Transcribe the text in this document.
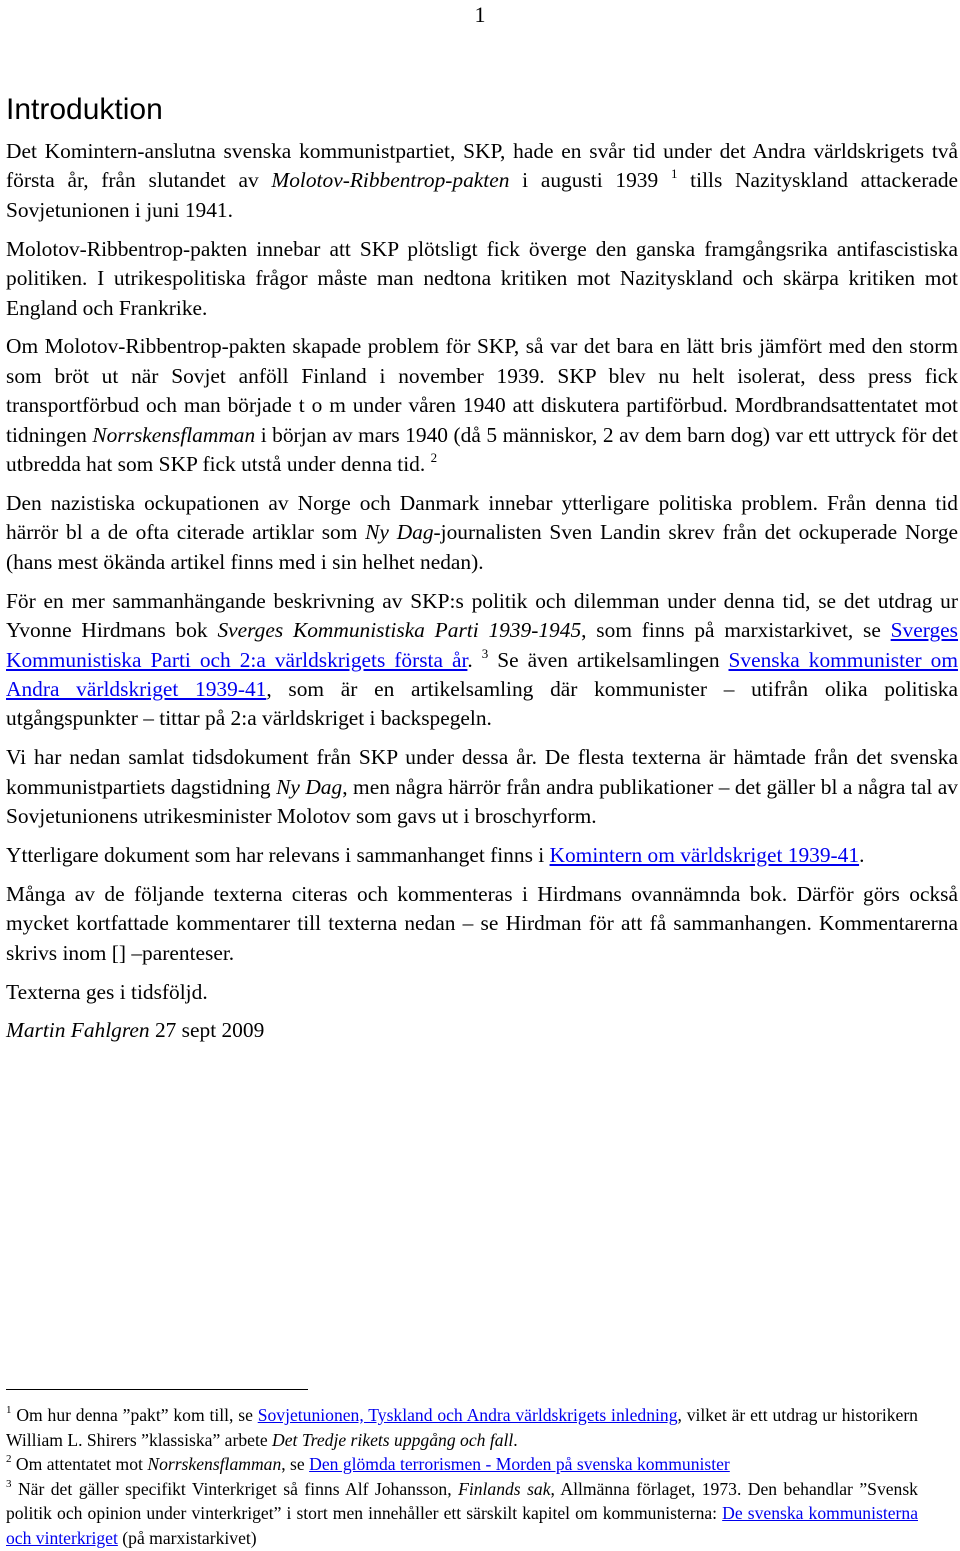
1
Introduktion

Det Komintern-anslutna svenska kommunistpartiet, SKP, hade en svår tid under det Andra världskrigets två första år, från slutandet av Molotov-Ribbentrop-pakten i augusti 1939 $^1$ tills Nazityskland attackerade Sovjetunionen i juni 1941.

Molotov-Ribbentrop-pakten innebar att SKP plötsligt fick överge den ganska framgångsrika antifascistiska politiken. I utrikespolitiska frågor måste man nedtona kritiken mot Nazityskland och skärpa kritiken mot England och Frankrike.

Om Molotov-Ribbentrop-pakten skapade problem för SKP, så var det bara en lätt bris jämfört med den storm som bröt ut när Sovjet anföll Finland i november 1939. SKP blev nu helt isolerat, dess press fick transportförbud och man började t o m under våren 1940 att diskutera partiförbud. Mordbrandsattentatet mot tidningen Norrskensflamman i början av mars 1940 (då 5 människor, 2 av dem barn dog) var ett uttryck för det utbredda hat som SKP fick utstå under denna tid. $^2$

Den nazistiska ockupationen av Norge och Danmark innebar ytterligare politiska problem. Från denna tid härrör bl a de ofta citerade artiklar som Ny Dag-journalisten Sven Landin skrev från det ockuperade Norge (hans mest ökända artikel finns med i sin helhet nedan).

För en mer sammanhängande beskrivning av SKP:s politik och dilemman under denna tid, se det utdrag ur Yvonne Hirdmans bok Sverges Kommunistiska Parti 1939-1945, som finns på marxistarkivet, se Sverges Kommunistiska Parti och 2:a världskrigets första år. $^3$ Se även artikelsamlingen Svenska kommunister om Andra världskriget 1939-41, som är en artikelsamling där kommunister – utifrån olika politiska utgångspunkter – tittar på 2:a världskriget i backspegeln.

Vi har nedan samlat tidsdokument från SKP under dessa år. De flesta texterna är hämtade från det svenska kommunistpartiets dagstidning Ny Dag, men några härrör från andra publikationer – det gäller bl a några tal av Sovjetunionens utrikesminister Molotov som gavs ut i broschyrform.

Ytterligare dokument som har relevans i sammanhanget finns i Komintern om världskriget 1939-41.

Många av de följande texterna citeras och kommenteras i Hirdmans ovannämnda bok. Därför görs också mycket kortfattade kommentarer till texterna nedan – se Hirdman för att få sammanhangen. Kommentarerna skrivs inom [] –parenteser.

Texterna ges i tidsföljd.

Martin Fahlgren 27 sept 2009

$^1$ Om hur denna ”pakt” kom till, se Sovjetunionen, Tyskland och Andra världskrigets inledning, vilket är ett utdrag ur historikern William L. Shirers ”klassiska” arbete Det Tredje rikets uppgång och fall.

$^2$ Om attentatet mot Norrskensflamman, se Den glömda terrorismen - Morden på svenska kommunister

$^3$ När det gäller specifikt Vinterkriget så finns Alf Johansson, Finlands sak, Allmänna förlaget, 1973. Den behandlar ”Svensk politik och opinion under vinterkriget” i stort men innehåller ett särskilt kapitel om kommunisterna: De svenska kommunisterna och vinterkriget (på marxistarkivet)
